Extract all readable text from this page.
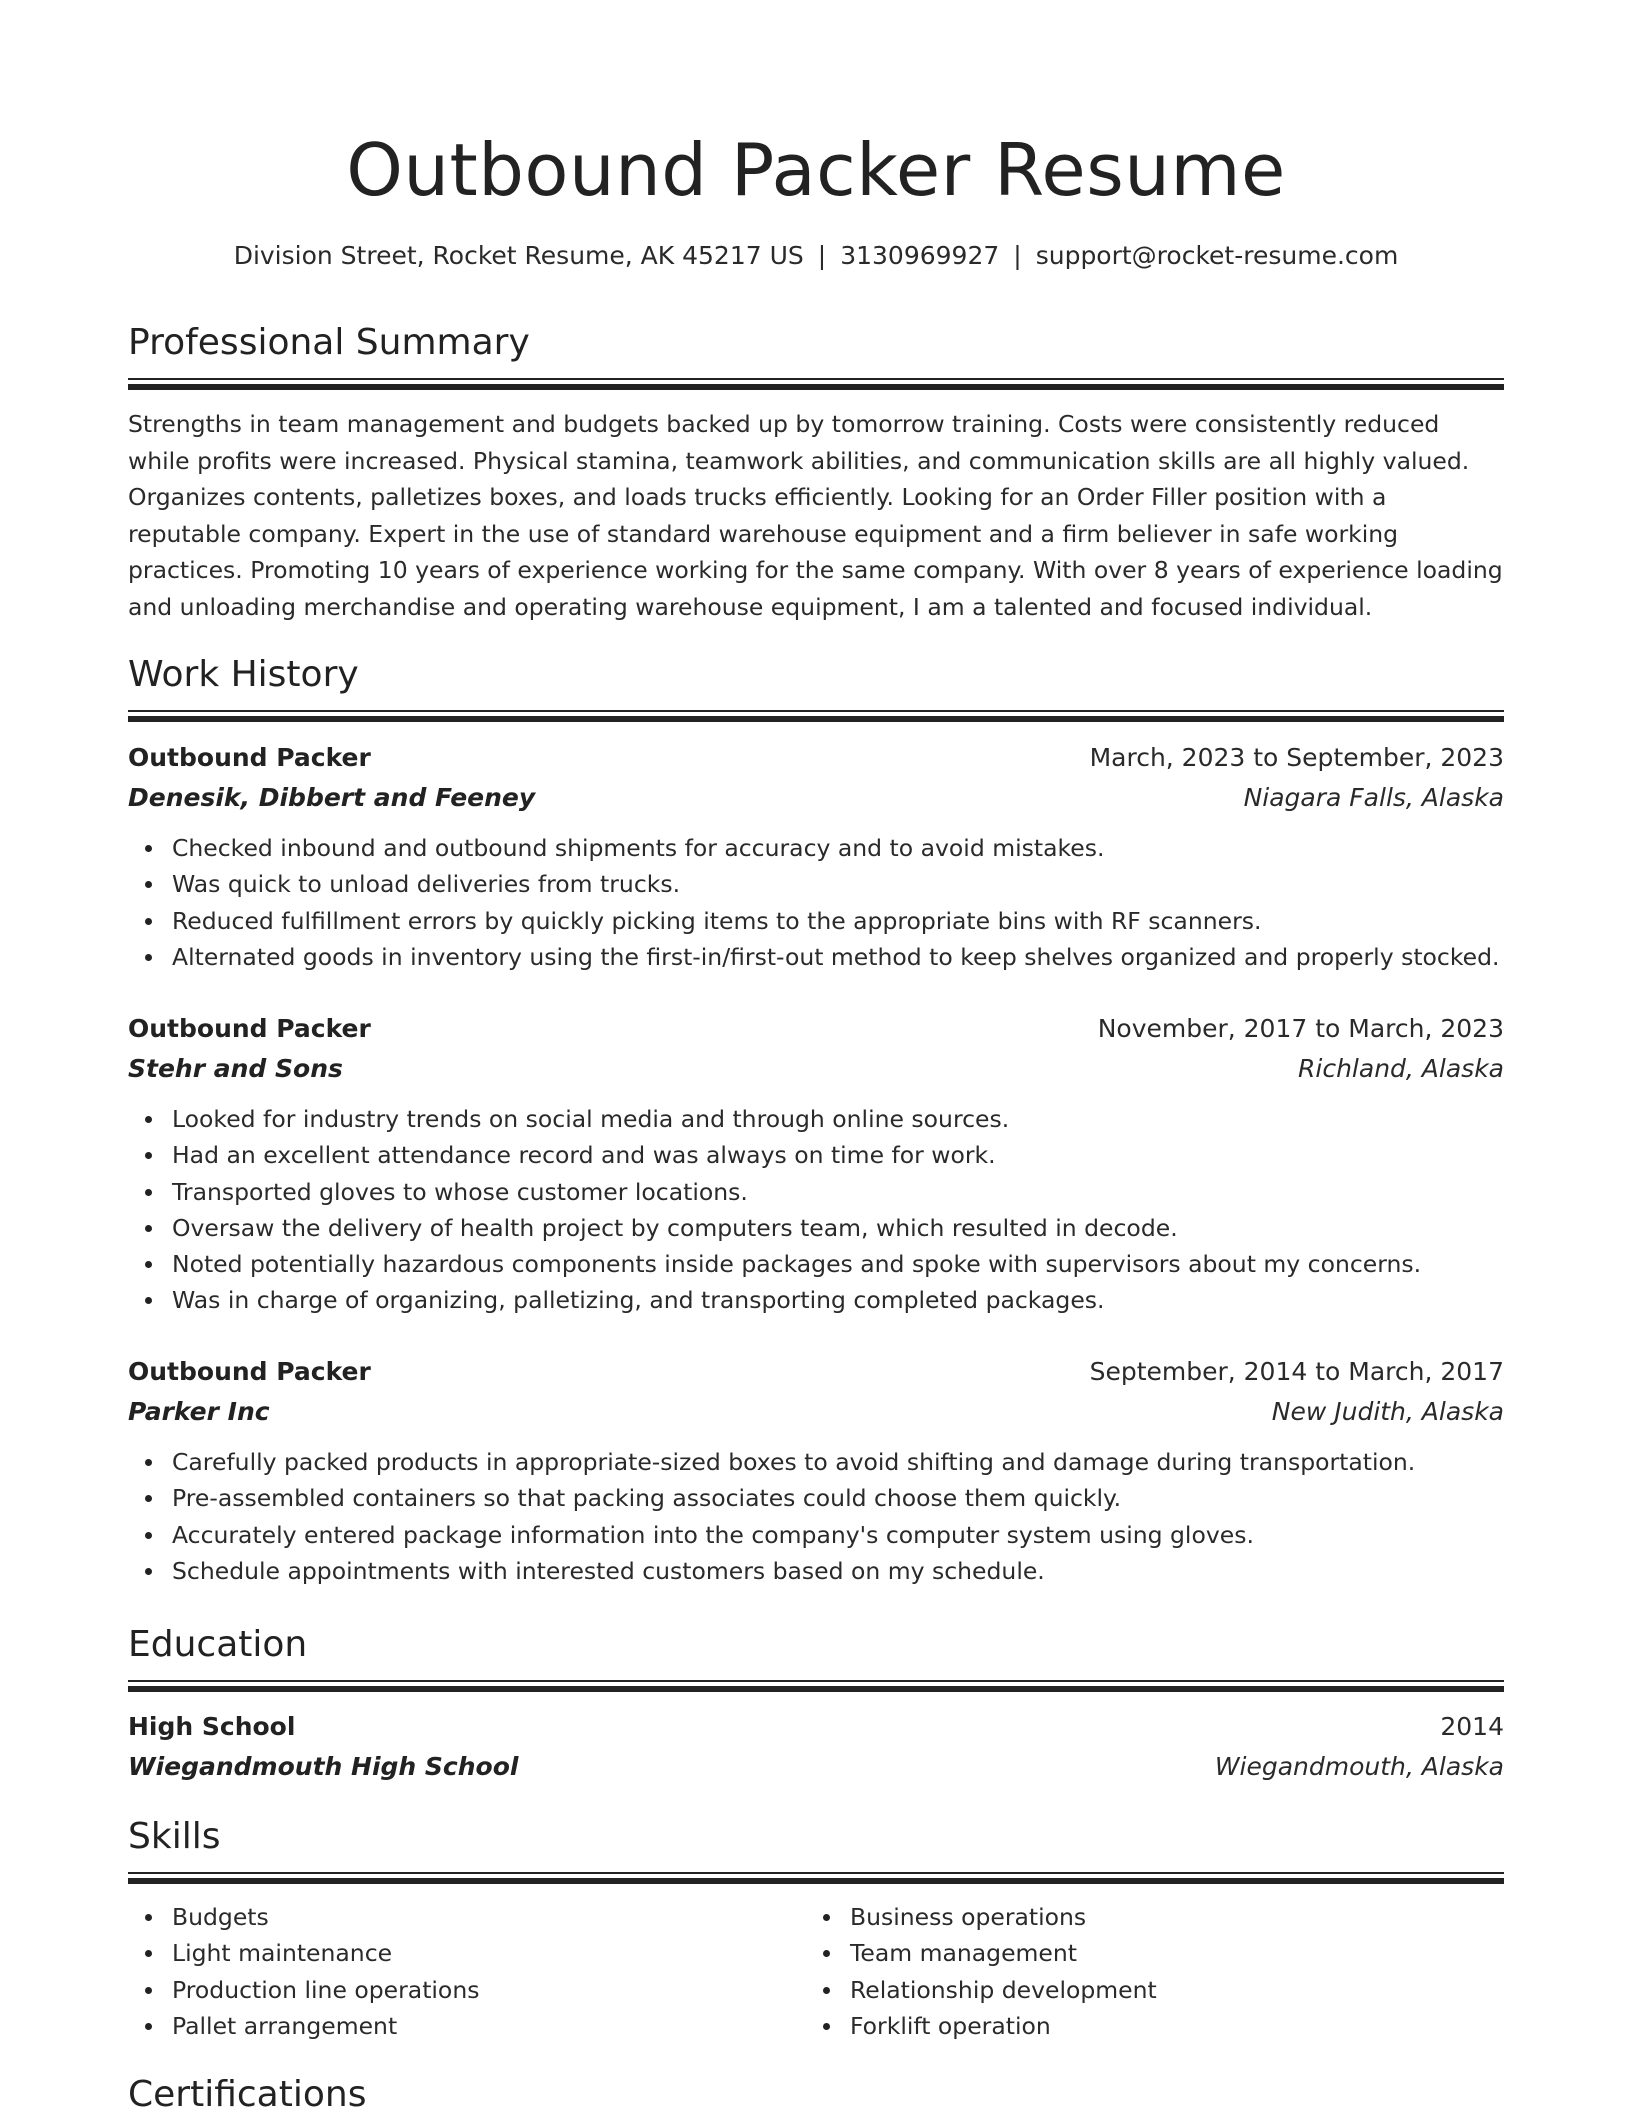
Outbound Packer Resume
Division Street, Rocket Resume, AK 45217 US | 3130969927 | support@rocket-resume.com
Professional Summary
Strengths in team management and budgets backed up by tomorrow training. Costs were consistently reduced while profits were increased. Physical stamina, teamwork abilities, and communication skills are all highly valued. Organizes contents, palletizes boxes, and loads trucks efficiently. Looking for an Order Filler position with a reputable company. Expert in the use of standard warehouse equipment and a firm believer in safe working practices. Promoting 10 years of experience working for the same company. With over 8 years of experience loading and unloading merchandise and operating warehouse equipment, I am a talented and focused individual.
Work History
Outbound Packer	March, 2023 to September, 2023
Denesik, Dibbert and Feeney	Niagara Falls, Alaska
Checked inbound and outbound shipments for accuracy and to avoid mistakes.
Was quick to unload deliveries from trucks.
Reduced fulfillment errors by quickly picking items to the appropriate bins with RF scanners.
Alternated goods in inventory using the first-in/first-out method to keep shelves organized and properly stocked.
Outbound Packer	November, 2017 to March, 2023
Stehr and Sons	Richland, Alaska
Looked for industry trends on social media and through online sources.
Had an excellent attendance record and was always on time for work.
Transported gloves to whose customer locations.
Oversaw the delivery of health project by computers team, which resulted in decode.
Noted potentially hazardous components inside packages and spoke with supervisors about my concerns.
Was in charge of organizing, palletizing, and transporting completed packages.
Outbound Packer	September, 2014 to March, 2017
Parker Inc	New Judith, Alaska
Carefully packed products in appropriate-sized boxes to avoid shifting and damage during transportation.
Pre-assembled containers so that packing associates could choose them quickly.
Accurately entered package information into the company's computer system using gloves.
Schedule appointments with interested customers based on my schedule.
Education
High School	2014
Wiegandmouth High School	Wiegandmouth, Alaska
Skills
Budgets
Light maintenance
Production line operations
Pallet arrangement
Business operations
Team management
Relationship development
Forklift operation
Certifications
